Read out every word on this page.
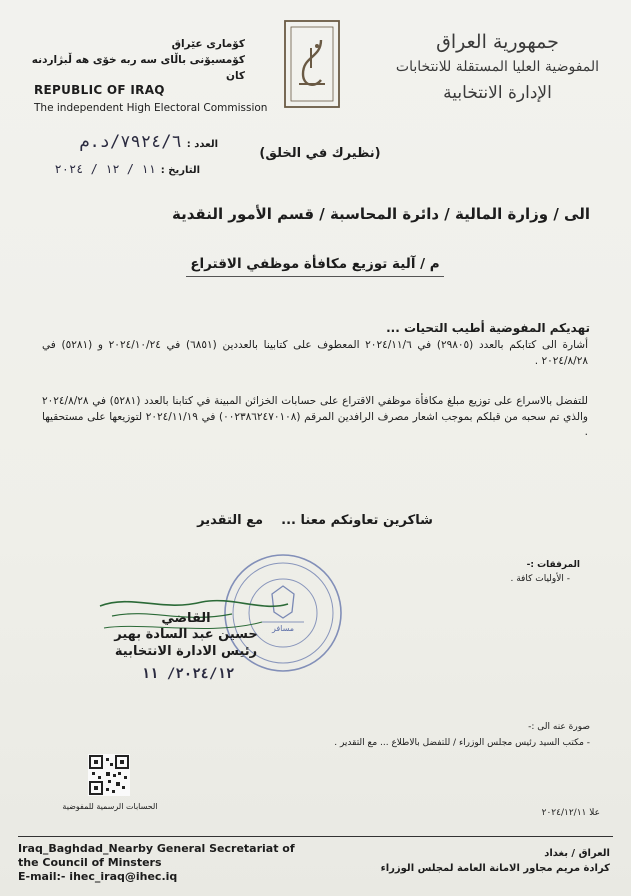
کۆماری عێراق
کۆمسیۆنی باڵای سه ربه خۆی هه ڵبژاردنه کان
REPUBLIC OF IRAQ
The independent High Electoral Commission
جمهورية العراق
المفوضية العليا المستقلة للانتخابات
الإدارة الانتخابية
العدد : ٧٩٢٤/٦/د.م
التاريخ : ١١ / ١٢ / ٢٠٢٤
(نظيرك في الخلق)
الى / وزارة المالية / دائرة المحاسبة / قسم الأمور النقدية
م / آلية توزيع مكافأة موظفي الاقتراع
تهديكم المفوضية أطيب التحيات ...
أشارة الى كتابكم بالعدد (٢٩٨٠٥) في ٢٠٢٤/١١/٦ المعطوف على كتابينا بالعددين (٦٨٥١) في ٢٠٢٤/١٠/٢٤ و (٥٢٨١) في ٢٠٢٤/٨/٢٨ .
للتفضل بالاسراع على توزيع مبلغ مكافأة موظفي الاقتراع على حسابات الخزائن المبينة في كتابنا بالعدد (٥٢٨١) في ٢٠٢٤/٨/٢٨ والذي تم سحبه من قبلكم بموجب اشعار مصرف الرافدين المرقم (٠٠٢٣٨٦٢٤٧٠١٠٨) في ٢٠٢٤/١١/١٩ لتوزيعها على مستحقيها .
شاكرين تعاونكم معنا ...    مع التقدير
المرفقات :-
- الأوليات كافة .
مسافر
القاضي
حسين عبد السادة بهير
رئيس الادارة الانتخابية
٢٠٢٤/١٢/ ١١
صورة عنه الى :-
- مكتب السيد رئيس مجلس الوزراء / للتفضل بالاطلاع ... مع التقدير .
الحسابات الرسمية للمفوضية
علا ٢٠٢٤/١٢/١١
Iraq_Baghdad_Nearby General Secretariat of
the Council of Minsters
E-mail:- ihec_iraq@ihec.iq
العراق / بغداد
كرادة مريم مجاور الامانة العامة لمجلس الوزراء
